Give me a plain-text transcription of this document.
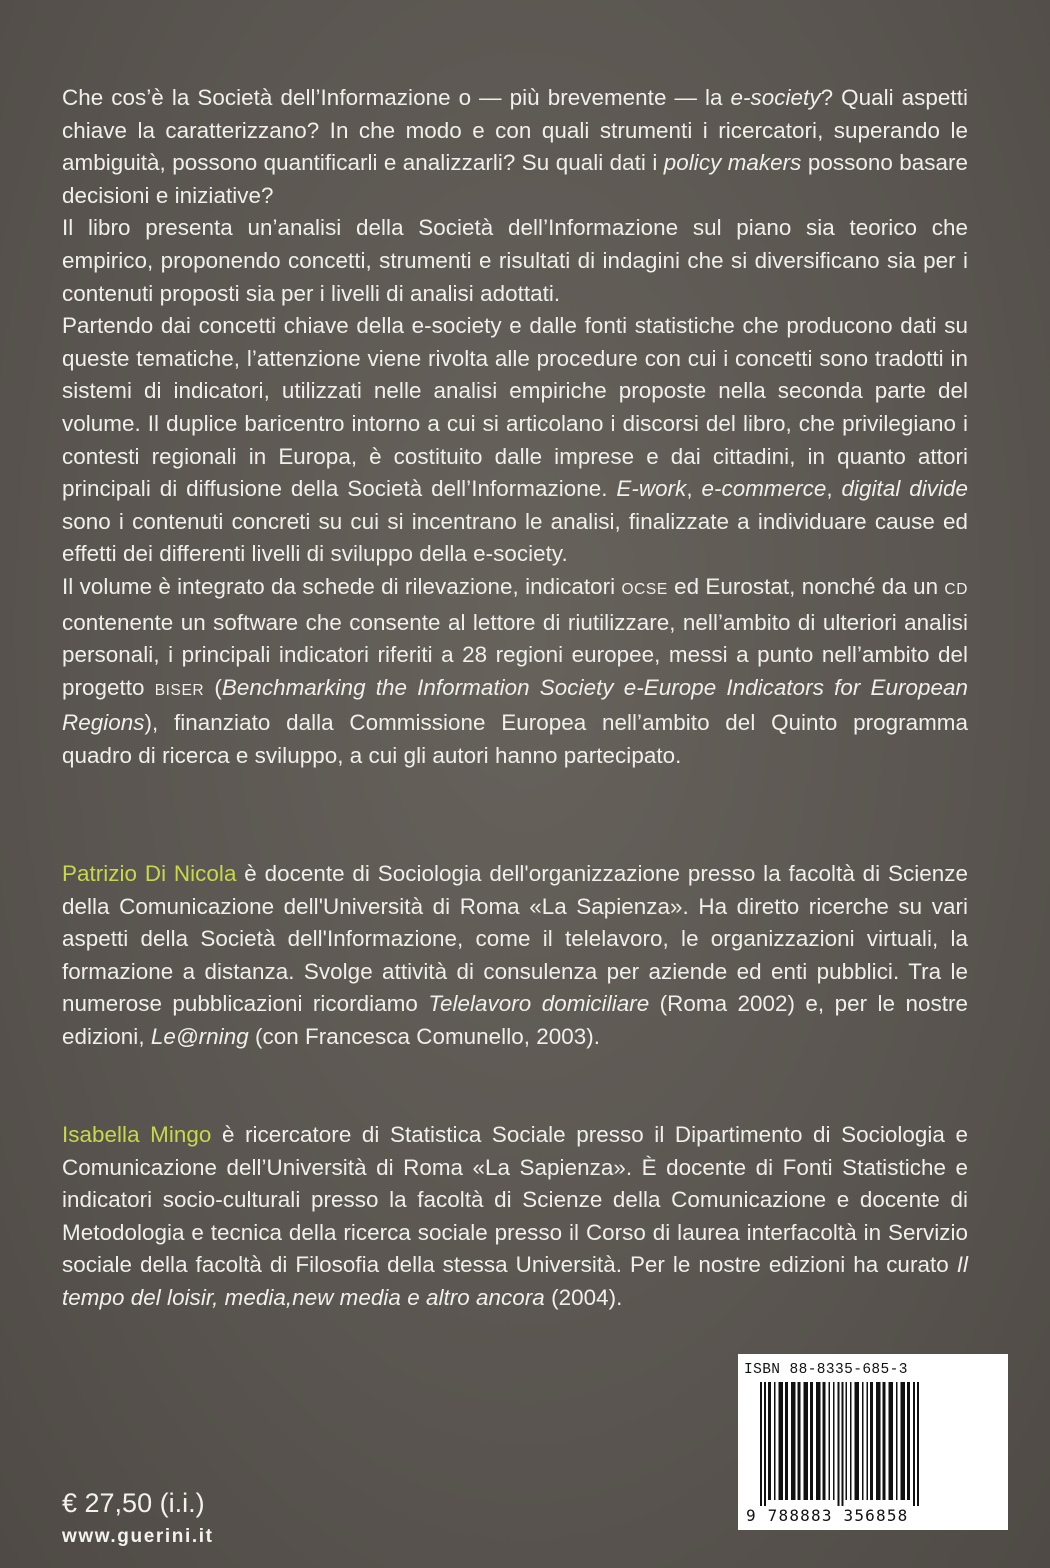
Che cos’è la Società dell’Informazione o — più brevemente — la e-society? Quali aspetti chiave la caratterizzano? In che modo e con quali strumenti i ricercatori, superando le ambiguità, possono quantificarli e analizzarli? Su quali dati i policy makers possono basare decisioni e iniziative?

Il libro presenta un’analisi della Società dell’Informazione sul piano sia teorico che empirico, proponendo concetti, strumenti e risultati di indagini che si diversificano sia per i contenuti proposti sia per i livelli di analisi adottati.

Partendo dai concetti chiave della e-society e dalle fonti statistiche che producono dati su queste tematiche, l’attenzione viene rivolta alle procedure con cui i concetti sono tradotti in sistemi di indicatori, utilizzati nelle analisi empiriche proposte nella seconda parte del volume. Il duplice baricentro intorno a cui si articolano i discorsi del libro, che privilegiano i contesti regionali in Europa, è costituito dalle imprese e dai cittadini, in quanto attori principali di diffusione della Società dell’Informazione. E-work, e-commerce, digital divide sono i contenuti concreti su cui si incentrano le analisi, finalizzate a individuare cause ed effetti dei differenti livelli di sviluppo della e-society.

Il volume è integrato da schede di rilevazione, indicatori OCSE ed Eurostat, nonché da un CD contenente un software che consente al lettore di riutilizzare, nell’ambito di ulteriori analisi personali, i principali indicatori riferiti a 28 regioni europee, messi a punto nell’ambito del progetto BISER (Benchmarking the Information Society e-Europe Indicators for European Regions), finanziato dalla Commissione Europea nell’ambito del Quinto programma quadro di ricerca e sviluppo, a cui gli autori hanno partecipato.

Patrizio Di Nicola è docente di Sociologia dell'organizzazione presso la facoltà di Scienze della Comunicazione dell'Università di Roma «La Sapienza». Ha diretto ricerche su vari aspetti della Società dell'Informazione, come il telelavoro, le organizzazioni virtuali, la formazione a distanza. Svolge attività di consulenza per aziende ed enti pubblici. Tra le numerose pubblicazioni ricordiamo Telelavoro domiciliare (Roma 2002) e, per le nostre edizioni, Le@rning (con Francesca Comunello, 2003).

Isabella Mingo è ricercatore di Statistica Sociale presso il Dipartimento di Sociologia e Comunicazione dell’Università di Roma «La Sapienza». È docente di Fonti Statistiche e indicatori socio-culturali presso la facoltà di Scienze della Comunicazione e docente di Metodologia e tecnica della ricerca sociale presso il Corso di laurea interfacoltà in Servizio sociale della facoltà di Filosofia della stessa Università. Per le nostre edizioni ha curato Il tempo del loisir, media,new media e altro ancora (2004).

ISBN 88-8335-685-3
9 788883 356858
€ 27,50 (i.i.)
www.guerini.it
